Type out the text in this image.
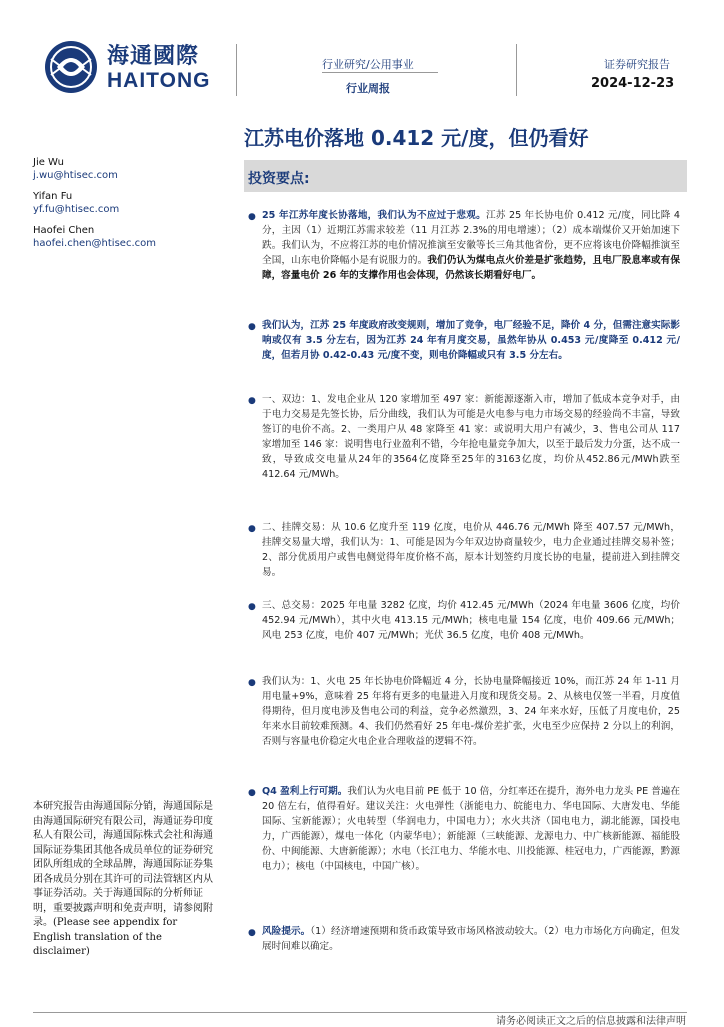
海通國際
HAITONG
行业研究/公用事业
行业周报
证券研究报告
2024-12-23
江苏电价落地 0.412 元/度，但仍看好
Jie Wu
j.wu@htisec.com
Yifan Fu
yf.fu@htisec.com
Haofei Chen
haofei.chen@htisec.com
投资要点:
● 25 年江苏年度长协落地，我们认为不应过于悲观。江苏 25 年长协电价 0.412 元/度，同比降 4 分，主因（1）近期江苏需求较差（11 月江苏 2.3%的用电增速）；（2）成本端煤价又开始加速下跌。我们认为，不应将江苏的电价情况推演至安徽等长三角其他省份，更不应将该电价降幅推演至全国，山东电价降幅小是有说服力的。我们仍认为煤电点火价差是扩张趋势，且电厂股息率或有保障，容量电价 26 年的支撑作用也会体现，仍然该长期看好电厂。
● 我们认为，江苏 25 年度政府改变规则，增加了竞争，电厂经验不足，降价 4 分，但需注意实际影响或仅有 3.5 分左右，因为江苏 24 年有月度交易，虽然年协从 0.453 元/度降至 0.412 元/度，但若月协 0.42-0.43 元/度不变，则电价降幅或只有 3.5 分左右。
● 一、双边：1、发电企业从 120 家增加至 497 家：新能源逐渐入市，增加了低成本竞争对手，由于电力交易是先签长协，后分曲线，我们认为可能是火电参与电力市场交易的经验尚不丰富，导致签订的电价不高。2、一类用户从 48 家降至 41 家：或说明大用户有减少，3、售电公司从 117 家增加至 146 家：说明售电行业盈利不错，今年抢电量竞争加大，以至于最后发力分蛋，达不成一致，导致成交电量从24年的3564亿度降至25年的3163亿度，均价从452.86元/MWh跌至 412.64 元/MWh。
● 二、挂牌交易：从 10.6 亿度升至 119 亿度，电价从 446.76 元/MWh 降至 407.57 元/MWh，挂牌交易量大增，我们认为：1、可能是因为今年双边协商量较少，电力企业通过挂牌交易补签；2、部分优质用户或售电侧觉得年度价格不高，原本计划签约月度长协的电量，提前进入到挂牌交易。
● 三、总交易：2025 年电量 3282 亿度，均价 412.45 元/MWh（2024 年电量 3606 亿度，均价 452.94 元/MWh），其中火电 413.15 元/MWh；核电电量 154 亿度，电价 409.66 元/MWh；风电 253 亿度，电价 407 元/MWh；光伏 36.5 亿度，电价 408 元/MWh。
● 我们认为：1、火电 25 年长协电价降幅近 4 分，长协电量降幅接近 10%，而江苏 24 年 1-11 月用电量+9%，意味着 25 年将有更多的电量进入月度和现货交易。2、从核电仅签一半看，月度值得期待，但月度电涉及售电公司的利益，竞争必然激烈，3、24 年来水好，压低了月度电价，25 年来水目前较难预测。4、我们仍然看好 25 年电-煤价差扩张，火电至少应保持 2 分以上的利润，否则与容量电价稳定火电企业合理收益的逻辑不符。
● Q4 盈利上行可期。我们认为火电目前 PE 低于 10 倍，分红率还在提升，海外电力龙头 PE 普遍在 20 倍左右，值得看好。建议关注：火电弹性（浙能电力、皖能电力、华电国际、大唐发电、华能国际、宝新能源）；火电转型（华润电力，中国电力）；水火共济（国电电力，湖北能源，国投电力，广西能源），煤电一体化（内蒙华电）；新能源（三峡能源、龙源电力、中广核新能源、福能股份、中闽能源、大唐新能源）；水电（长江电力、华能水电、川投能源、桂冠电力，广西能源，黔源电力）；核电（中国核电，中国广核）。
● 风险提示。（1）经济增速预期和货币政策导致市场风格波动较大。（2）电力市场化方向确定，但发展时间难以确定。
本研究报告由海通国际分销，海通国际是由海通国际研究有限公司，海通证券印度私人有限公司，海通国际株式会社和海通国际证券集团其他各成员单位的证券研究团队所组成的全球品牌，海通国际证券集团各成员分别在其许可的司法管辖区内从事证券活动。关于海通国际的分析师证明，重要披露声明和免责声明，请参阅附录。(Please see appendix for English translation of the disclaimer)
请务必阅读正文之后的信息披露和法律声明
